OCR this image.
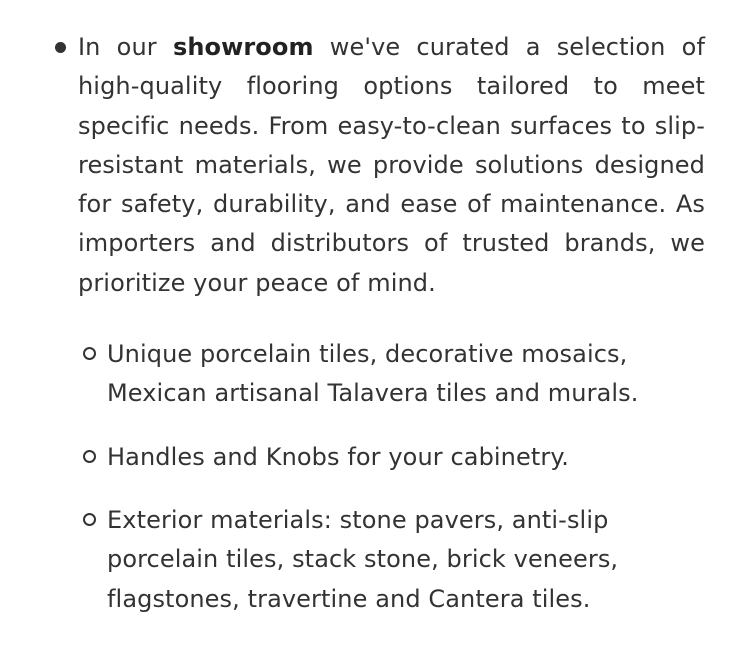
In our showroom we've curated a selection of high-quality flooring options tailored to meet specific needs. From easy-to-clean surfaces to slip-resistant materials, we provide solutions designed for safety, durability, and ease of maintenance. As importers and distributors of trusted brands, we prioritize your peace of mind.

Unique porcelain tiles, decorative mosaics, Mexican artisanal Talavera tiles and murals.

Handles and Knobs for your cabinetry.

Exterior materials: stone pavers, anti-slip porcelain tiles, stack stone, brick veneers, flagstones, travertine and Cantera tiles.
